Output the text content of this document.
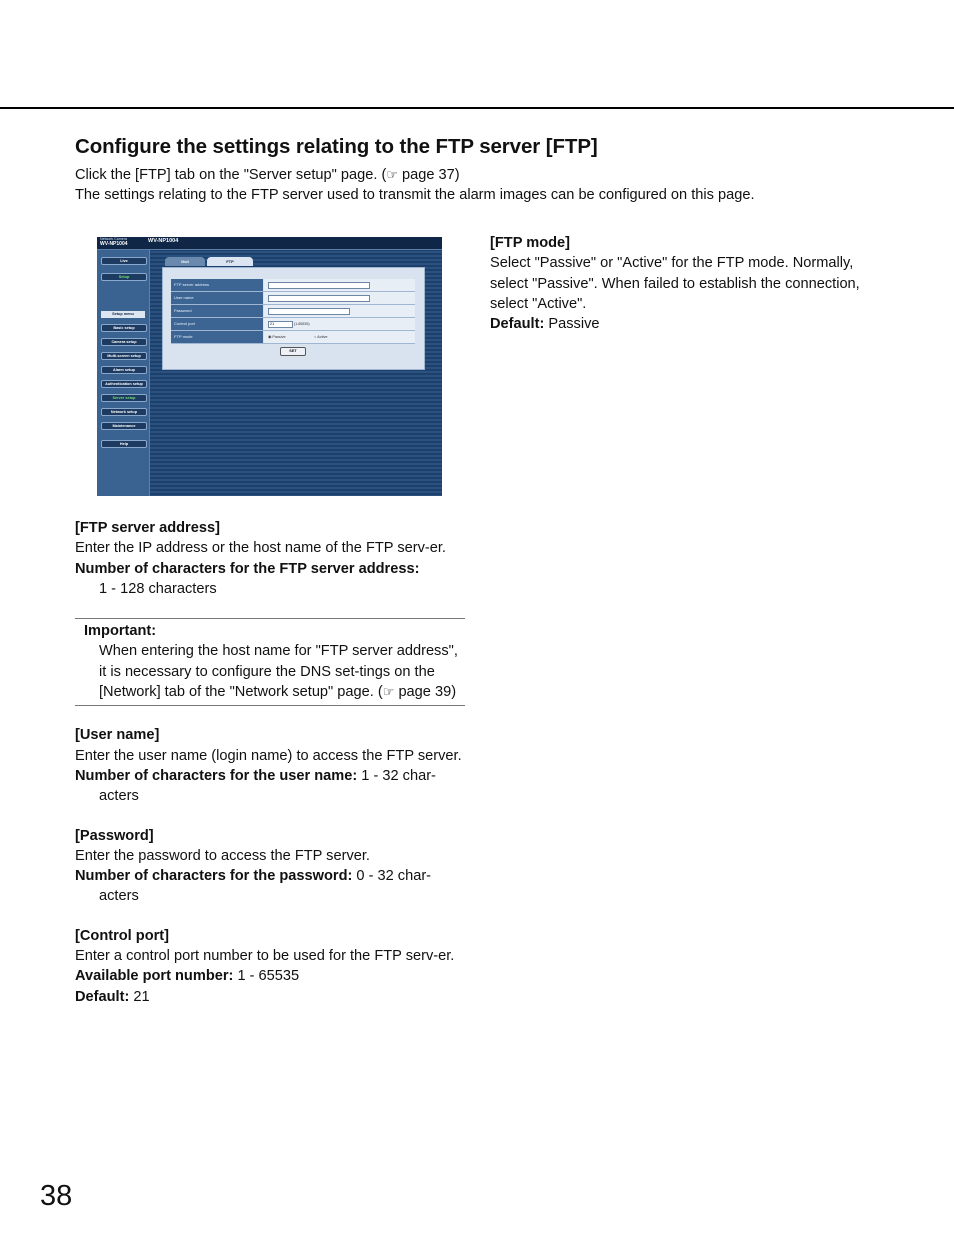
Configure the settings relating to the FTP server [FTP]

Click the [FTP] tab on the "Server setup" page. (☞ page 37)

The settings relating to the FTP server used to transmit the alarm images can be configured on this page.

Network Camera
WV-NP1004	WV-NP1004
Live
Setup
Setup menu
Basic setup
Camera setup
Multi-screen setup
Alarm setup
Authentication setup
Server setup
Network setup
Maintenance
Help
Mail	FTP
FTP server address
User name
Password
Control port	21	(1-65535)
FTP mode	◉ Passive	○ Active
SET

[FTP server address]

Enter the IP address or the host name of the FTP serv-er.

Number of characters for the FTP server address:

1 - 128 characters

Important:

When entering the host name for "FTP server address", it is necessary to configure the DNS set-tings on the [Network] tab of the "Network setup" page. (☞ page 39)

[User name]

Enter the user name (login name) to access the FTP server.

Number of characters for the user name: 1 - 32 char-acters

[Password]

Enter the password to access the FTP server.

Number of characters for the password: 0 - 32 char-acters

[Control port]

Enter a control port number to be used for the FTP serv-er.

Available port number: 1 - 65535

Default: 21

[FTP mode]

Select "Passive" or "Active" for the FTP mode. Normally, select "Passive". When failed to establish the connection, select "Active".

Default: Passive

38
